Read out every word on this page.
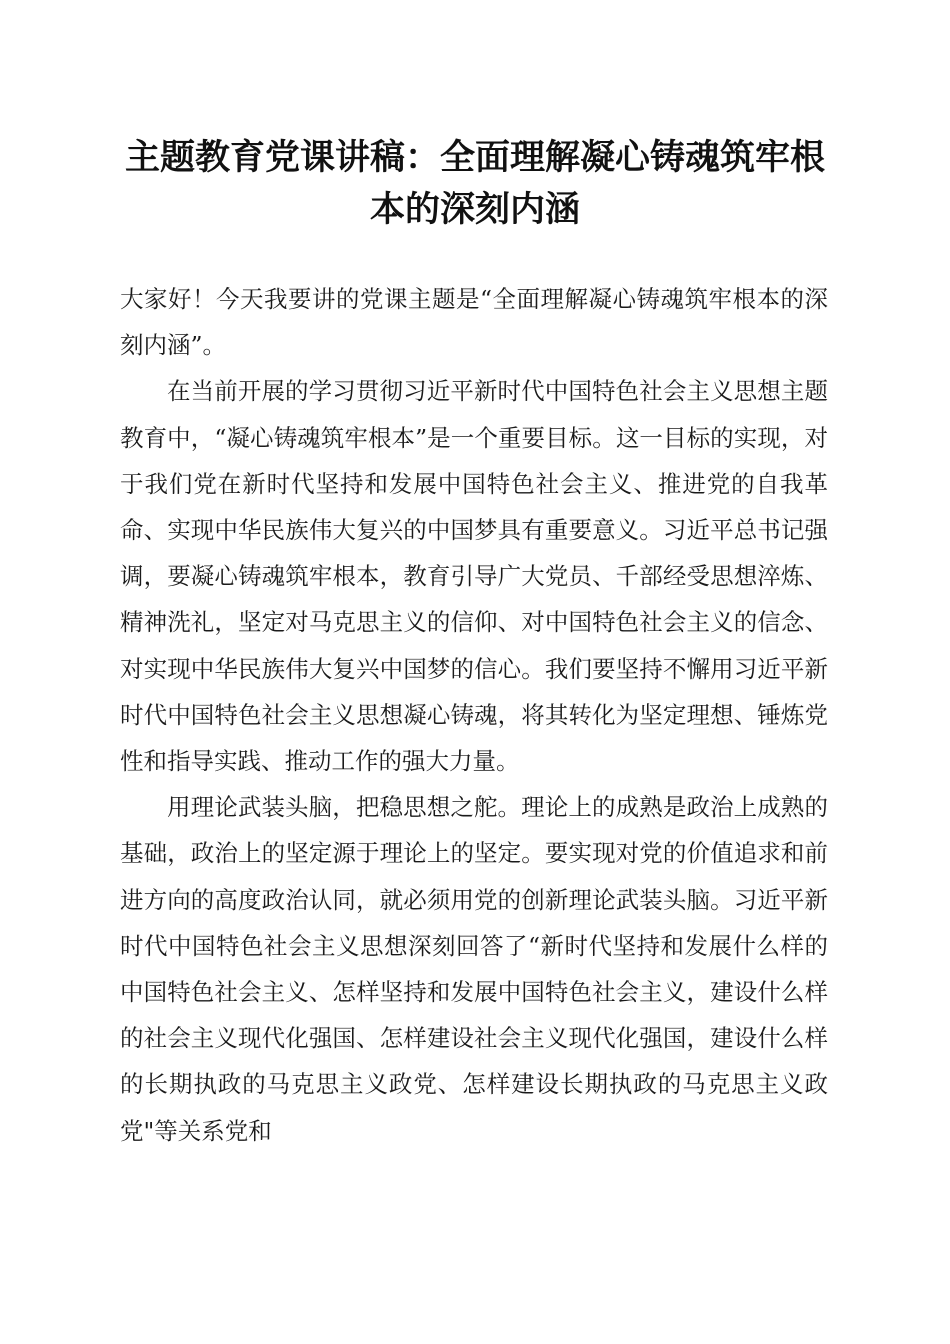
主题教育党课讲稿：全面理解凝心铸魂筑牢根本的深刻内涵

大家好！今天我要讲的党课主题是“全面理解凝心铸魂筑牢根本的深刻内涵”。

在当前开展的学习贯彻习近平新时代中国特色社会主义思想主题教育中，“凝心铸魂筑牢根本”是一个重要目标。这一目标的实现，对于我们党在新时代坚持和发展中国特色社会主义、推进党的自我革命、实现中华民族伟大复兴的中国梦具有重要意义。习近平总书记强调，要凝心铸魂筑牢根本，教育引导广大党员、千部经受思想淬炼、精神洗礼，坚定对马克思主义的信仰、对中国特色社会主义的信念、对实现中华民族伟大复兴中国梦的信心。我们要坚持不懈用习近平新时代中国特色社会主义思想凝心铸魂，将其转化为坚定理想、锤炼党性和指导实践、推动工作的强大力量。

用理论武装头脑，把稳思想之舵。理论上的成熟是政治上成熟的基础，政治上的坚定源于理论上的坚定。要实现对党的价值追求和前进方向的高度政治认同，就必须用党的创新理论武装头脑。习近平新时代中国特色社会主义思想深刻回答了“新时代坚持和发展什么样的中国特色社会主义、怎样坚持和发展中国特色社会主义，建设什么样的社会主义现代化强国、怎样建设社会主义现代化强国，建设什么样的长期执政的马克思主义政党、怎样建设长期执政的马克思主义政党"等关系党和
